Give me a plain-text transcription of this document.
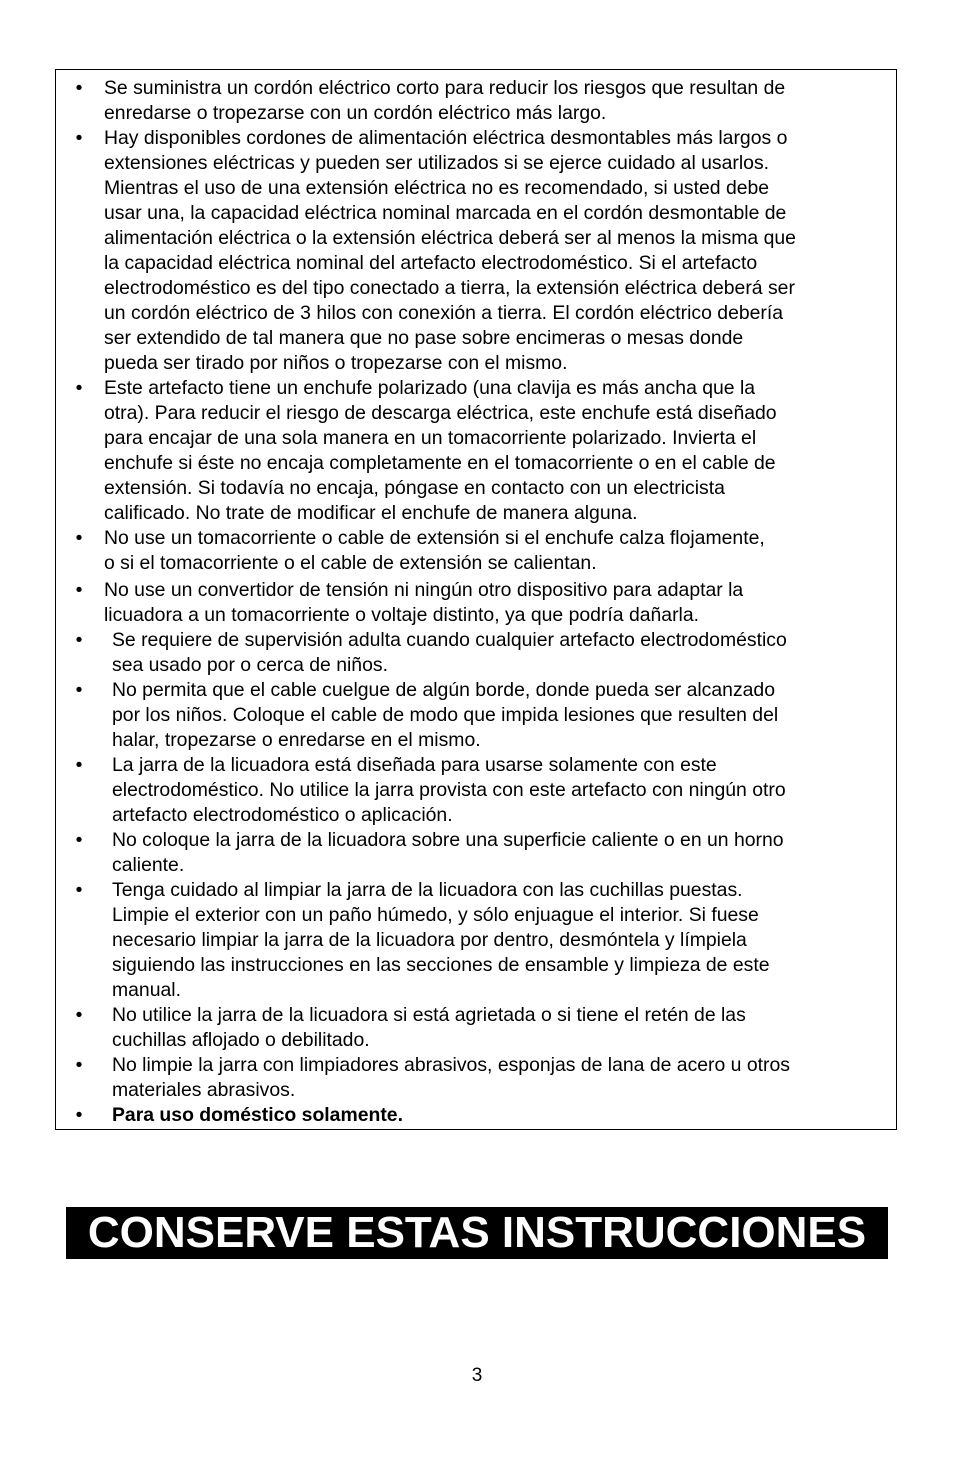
• Se suministra un cordón eléctrico corto para reducir los riesgos que resultan de
enredarse o tropezarse con un cordón eléctrico más largo.
• Hay disponibles cordones de alimentación eléctrica desmontables más largos o
extensiones eléctricas y pueden ser utilizados si se ejerce cuidado al usarlos.
Mientras el uso de una extensión eléctrica no es recomendado, si usted debe
usar una, la capacidad eléctrica nominal marcada en el cordón desmontable de
alimentación eléctrica o la extensión eléctrica deberá ser al menos la misma que
la capacidad eléctrica nominal del artefacto electrodoméstico. Si el artefacto
electrodoméstico es del tipo conectado a tierra, la extensión eléctrica deberá ser
un cordón eléctrico de 3 hilos con conexión a tierra. El cordón eléctrico debería
ser extendido de tal manera que no pase sobre encimeras o mesas donde
pueda ser tirado por niños o tropezarse con el mismo.
• Este artefacto tiene un enchufe polarizado (una clavija es más ancha que la
otra). Para reducir el riesgo de descarga eléctrica, este enchufe está diseñado
para encajar de una sola manera en un tomacorriente polarizado. Invierta el
enchufe si éste no encaja completamente en el tomacorriente o en el cable de
extensión. Si todavía no encaja, póngase en contacto con un electricista
calificado. No trate de modificar el enchufe de manera alguna.
• No use un tomacorriente o cable de extensión si el enchufe calza flojamente,
o si el tomacorriente o el cable de extensión se calientan.
• No use un convertidor de tensión ni ningún otro dispositivo para adaptar la
licuadora a un tomacorriente o voltaje distinto, ya que podría dañarla.
• Se requiere de supervisión adulta cuando cualquier artefacto electrodoméstico
sea usado por o cerca de niños.
• No permita que el cable cuelgue de algún borde, donde pueda ser alcanzado
por los niños. Coloque el cable de modo que impida lesiones que resulten del
halar, tropezarse o enredarse en el mismo.
• La jarra de la licuadora está diseñada para usarse solamente con este
electrodoméstico. No utilice la jarra provista con este artefacto con ningún otro
artefacto electrodoméstico o aplicación.
• No coloque la jarra de la licuadora sobre una superficie caliente o en un horno
caliente.
• Tenga cuidado al limpiar la jarra de la licuadora con las cuchillas puestas.
Limpie el exterior con un paño húmedo, y sólo enjuague el interior. Si fuese
necesario limpiar la jarra de la licuadora por dentro, desmóntela y límpiela
siguiendo las instrucciones en las secciones de ensamble y limpieza de este
manual.
• No utilice la jarra de la licuadora si está agrietada o si tiene el retén de las
cuchillas aflojado o debilitado.
• No limpie la jarra con limpiadores abrasivos, esponjas de lana de acero u otros
materiales abrasivos.
• Para uso doméstico solamente.
CONSERVE ESTAS INSTRUCCIONES
3
